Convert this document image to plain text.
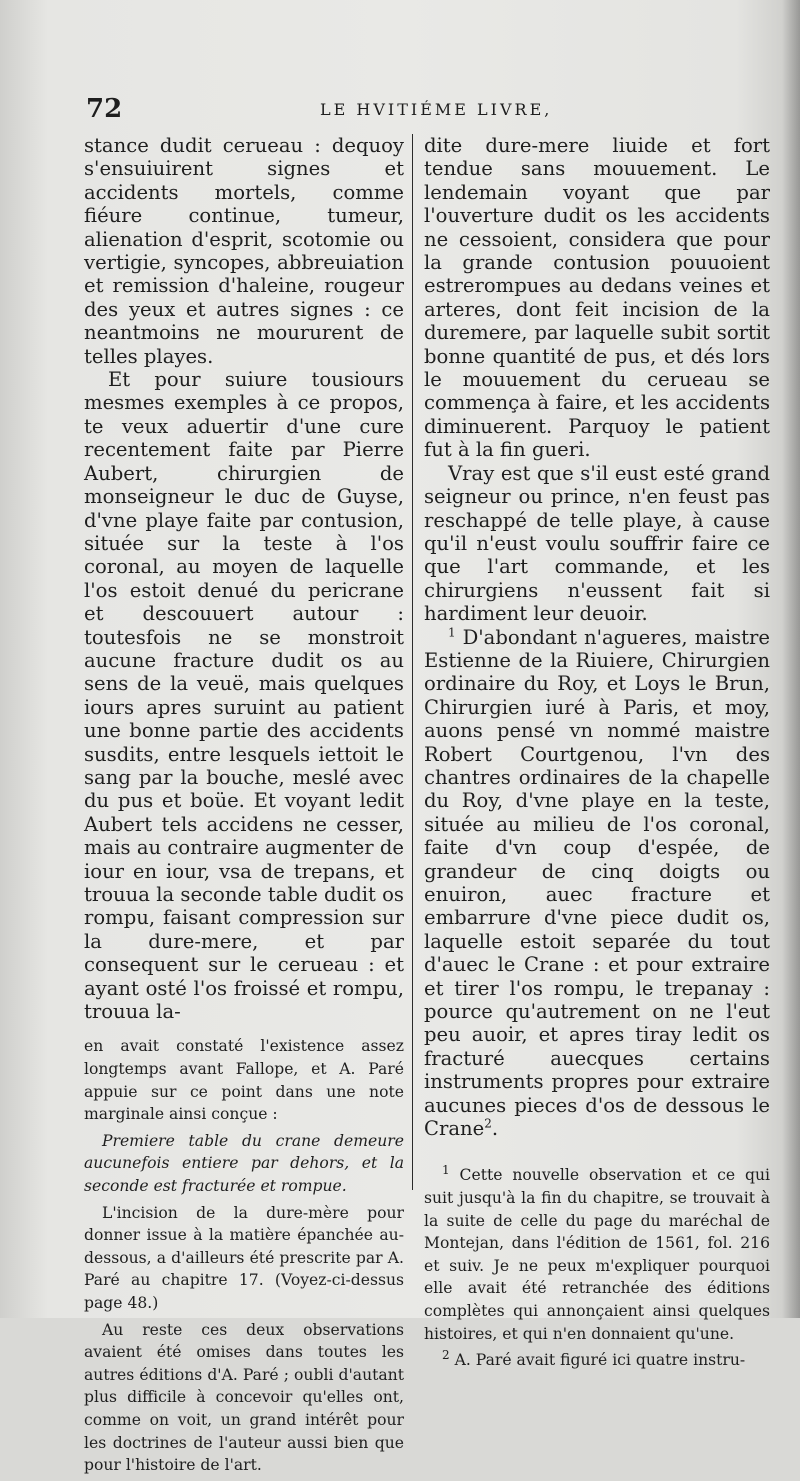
72	LE HVITIÉME LIVRE,

stance dudit cerueau : dequoy s'ensuiuirent signes et accidents mortels, comme fiéure continue, tumeur, alienation d'esprit, scotomie ou vertigie, syncopes, abbreuiation et remission d'haleine, rougeur des yeux et autres signes : ce neantmoins ne moururent de telles playes.

Et pour suiure tousiours mesmes exemples à ce propos, te veux aduertir d'une cure recentement faite par Pierre Aubert, chirurgien de monseigneur le duc de Guyse, d'vne playe faite par contusion, située sur la teste à l'os coronal, au moyen de laquelle l'os estoit denué du pericrane et descouuert autour : toutesfois ne se monstroit aucune fracture dudit os au sens de la veuë, mais quelques iours apres suruint au patient une bonne partie des accidents susdits, entre lesquels iettoit le sang par la bouche, meslé avec du pus et boüe. Et voyant ledit Aubert tels accidens ne cesser, mais au contraire augmenter de iour en iour, vsa de trepans, et trouua la seconde table dudit os rompu, faisant compression sur la dure-mere, et par consequent sur le cerueau : et ayant osté l'os froissé et rompu, trouua la-

en avait constaté l'existence assez longtemps avant Fallope, et A. Paré appuie sur ce point dans une note marginale ainsi conçue :

Premiere table du crane demeure aucunefois entiere par dehors, et la seconde est fracturée et rompue.

L'incision de la dure-mère pour donner issue à la matière épanchée au-dessous, a d'ailleurs été prescrite par A. Paré au chapitre 17. (Voyez-ci-dessus page 48.)

Au reste ces deux observations avaient été omises dans toutes les autres éditions d'A. Paré ; oubli d'autant plus difficile à concevoir qu'elles ont, comme on voit, un grand intérêt pour les doctrines de l'auteur aussi bien que pour l'histoire de l'art.

dite dure-mere liuide et fort tendue sans mouuement. Le lendemain voyant que par l'ouverture dudit os les accidents ne cessoient, considera que pour la grande contusion pouuoient estrerompues au dedans veines et arteres, dont feit incision de la duremere, par laquelle subit sortit bonne quantité de pus, et dés lors le mouuement du cerueau se commença à faire, et les accidents diminuerent. Parquoy le patient fut à la fin gueri.

Vray est que s'il eust esté grand seigneur ou prince, n'en feust pas reschappé de telle playe, à cause qu'il n'eust voulu souffrir faire ce que l'art commande, et les chirurgiens n'eussent fait si hardiment leur deuoir.

$^1$ D'abondant n'agueres, maistre Estienne de la Riuiere, Chirurgien ordinaire du Roy, et Loys le Brun, Chirurgien iuré à Paris, et moy, auons pensé vn nommé maistre Robert Courtgenou, l'vn des chantres ordinaires de la chapelle du Roy, d'vne playe en la teste, située au milieu de l'os coronal, faite d'vn coup d'espée, de grandeur de cinq doigts ou enuiron, auec fracture et embarrure d'vne piece dudit os, laquelle estoit separée du tout d'auec le Crane : et pour extraire et tirer l'os rompu, le trepanay : pource qu'autrement on ne l'eut peu auoir, et apres tiray ledit os fracturé auecques certains instruments propres pour extraire aucunes pieces d'os de dessous le Crane$^2$.

$^1$ Cette nouvelle observation et ce qui suit jusqu'à la fin du chapitre, se trouvait à la suite de celle du page du maréchal de Montejan, dans l'édition de 1561, fol. 216 et suiv. Je ne peux m'expliquer pourquoi elle avait été retranchée des éditions complètes qui annonçaient ainsi quelques histoires, et qui n'en donnaient qu'une.

$^2$ A. Paré avait figuré ici quatre instru-
